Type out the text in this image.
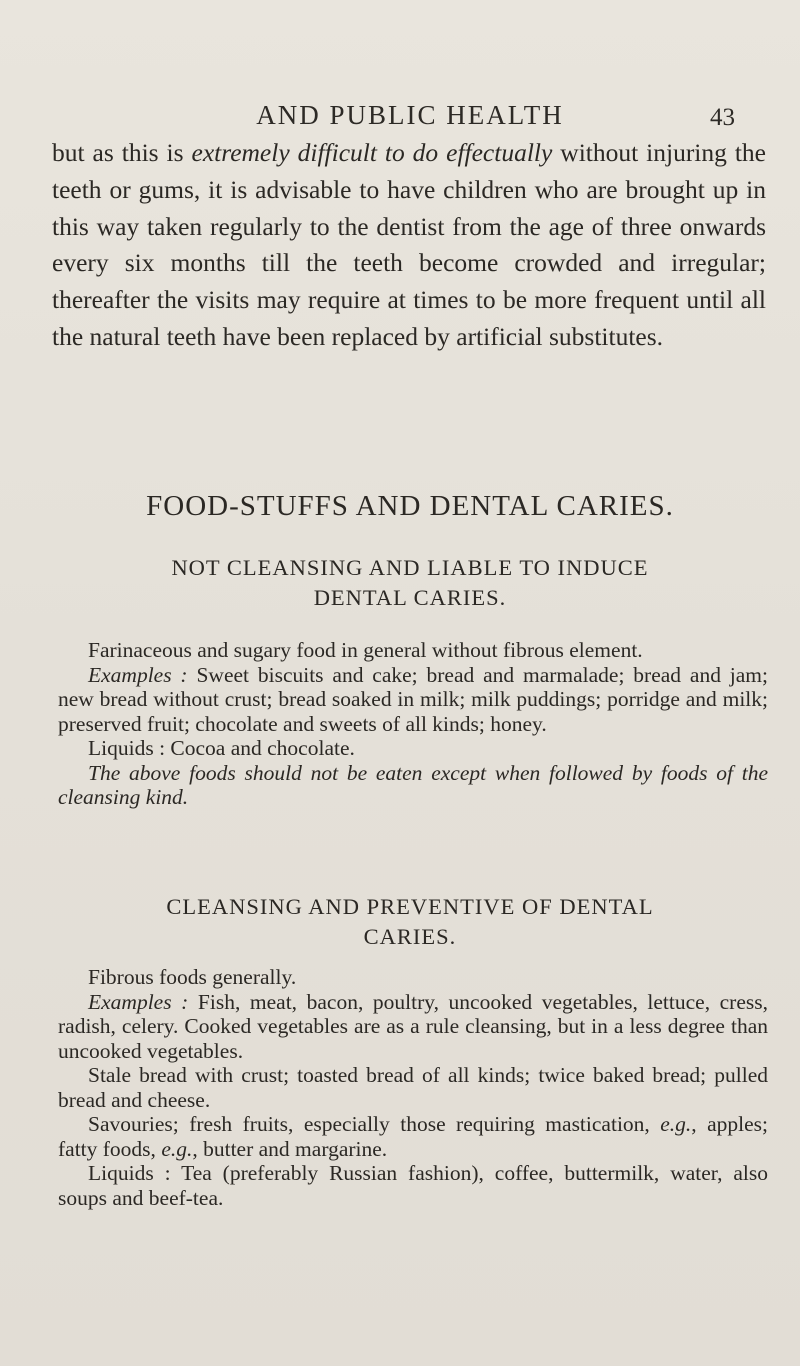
AND PUBLIC HEALTH	43
but as this is extremely difficult to do effectually without injuring the teeth or gums, it is advisable to have children who are brought up in this way taken regularly to the dentist from the age of three onwards every six months till the teeth become crowded and irregular; thereafter the visits may require at times to be more frequent until all the natural teeth have been replaced by artificial substitutes.
FOOD-STUFFS AND DENTAL CARIES.
NOT CLEANSING AND LIABLE TO INDUCE
DENTAL CARIES.

Farinaceous and sugary food in general without fibrous element.

Examples : Sweet biscuits and cake; bread and marmalade; bread and jam; new bread without crust; bread soaked in milk; milk puddings; porridge and milk; preserved fruit; chocolate and sweets of all kinds; honey.

Liquids : Cocoa and chocolate.

The above foods should not be eaten except when followed by foods of the cleansing kind.

CLEANSING AND PREVENTIVE OF DENTAL
CARIES.

Fibrous foods generally.

Examples : Fish, meat, bacon, poultry, uncooked vegetables, lettuce, cress, radish, celery. Cooked vegetables are as a rule cleansing, but in a less degree than uncooked vegetables.

Stale bread with crust; toasted bread of all kinds; twice baked bread; pulled bread and cheese.

Savouries; fresh fruits, especially those requiring mastication, e.g., apples; fatty foods, e.g., butter and margarine.

Liquids : Tea (preferably Russian fashion), coffee, buttermilk, water, also soups and beef-tea.
